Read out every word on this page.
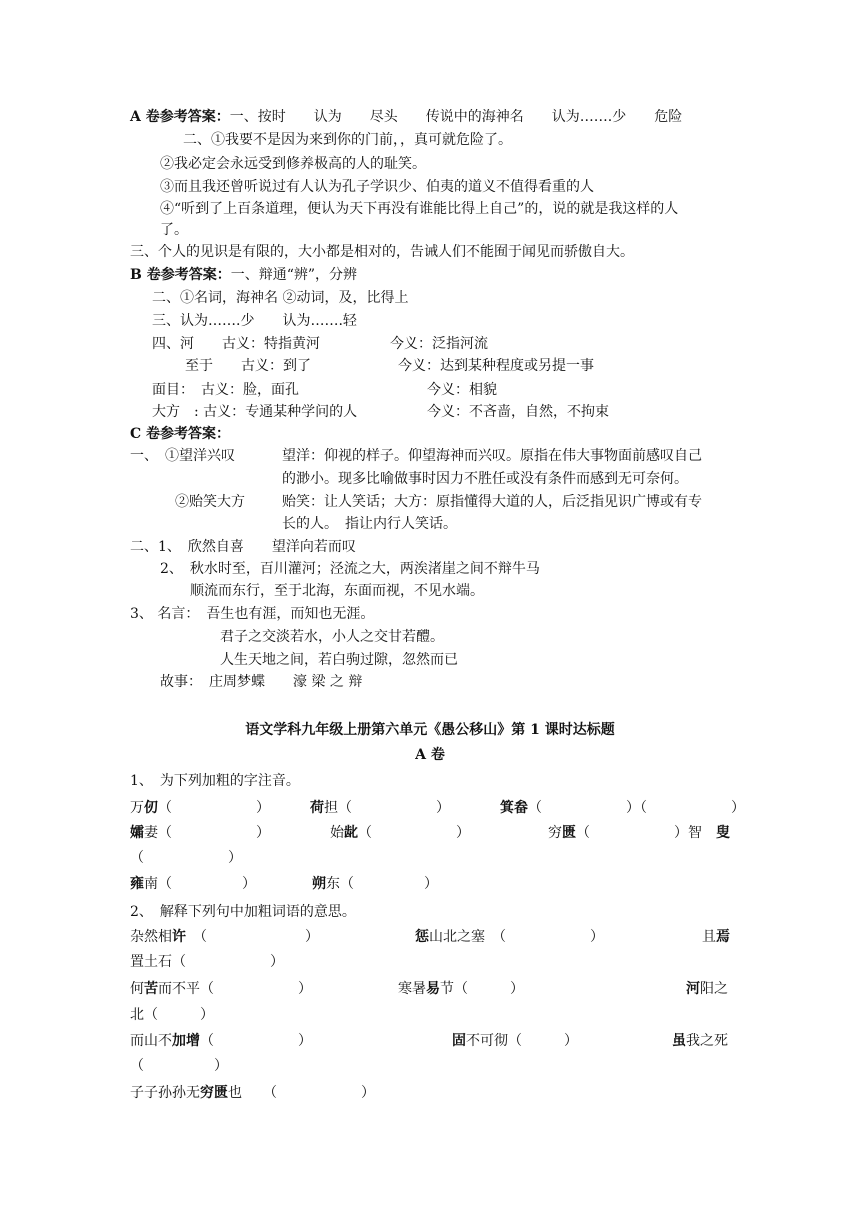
A 卷参考答案：一、按时　　认为　　尽头　　传说中的海神名　　认为…….少　　危险
二、①我要不是因为来到你的门前，，真可就危险了。
②我必定会永远受到修养极高的人的耻笑。
③而且我还曾听说过有人认为孔子学识少、伯夷的道义不值得看重的人
④“听到了上百条道理，便认为天下再没有谁能比得上自己”的，说的就是我这样的人
了。
三、个人的见识是有限的，大小都是相对的，告诫人们不能囿于闻见而骄傲自大。
B 卷参考答案：一、辩通“辨”，分辨
二、①名词，海神名 ②动词，及，比得上
三、认为…….少　　认为…….轻
四、河　　古义：特指黄河	今义：泛指河流
至于　　古义：到了	今义：达到某种程度或另提一事
面目：　古义：脸，面孔	今义：相貌
大方　: 古义：专通某种学问的人	今义：不吝啬，自然，不拘束
C 卷参考答案：
一、　①望洋兴叹	望洋：仰视的样子。仰望海神而兴叹。原指在伟大事物面前感叹自己
的渺小。现多比喻做事时因力不胜任或没有条件而感到无可奈何。
②贻笑大方	贻笑：让人笑话；大方：原指懂得大道的人，后泛指见识广博或有专
长的人。　指让内行人笑话。
二、1、　欣然自喜　　望洋向若而叹
2、　秋水时至，百川灌河；泾流之大，两涘渚崖之间不辩牛马
顺流而东行，至于北海，东面而视，不见水端。
3、 名言：　吾生也有涯，而知也无涯。
君子之交淡若水，小人之交甘若醴。
人生天地之间，若白驹过隙，忽然而已
故事：　庄周梦蝶　　濠 梁 之 辩
语文学科九年级上册第六单元《愚公移山》第 1 课时达标题
A 卷
1、　为下列加粗的字注音。
万仞（　　　　　　）	荷担（　　　　　　）	箕畚（　　　　　　）（　　　　　　）
孀妻（　　　　　　）	始龀（　　　　　　）	穷匮（　　　　　　）智 叟
（　　　　　　）
雍南（　　　　　）	朔东（　　　　　）
2、　解释下列句中加粗词语的意思。
杂然相许　（　　　　　　　）	惩山北之塞　（　　　　　　）	且焉
置土石（　　　　　　）
何苦而不平（　　　　　　）	寒暑易节（　　　）	河阳之
北（　　　）
而山不加增（　　　　　　）	固不可彻（　　　）	虽我之死
（　　　　　）
子子孙孙无穷匮也　　（　　　　　　）
